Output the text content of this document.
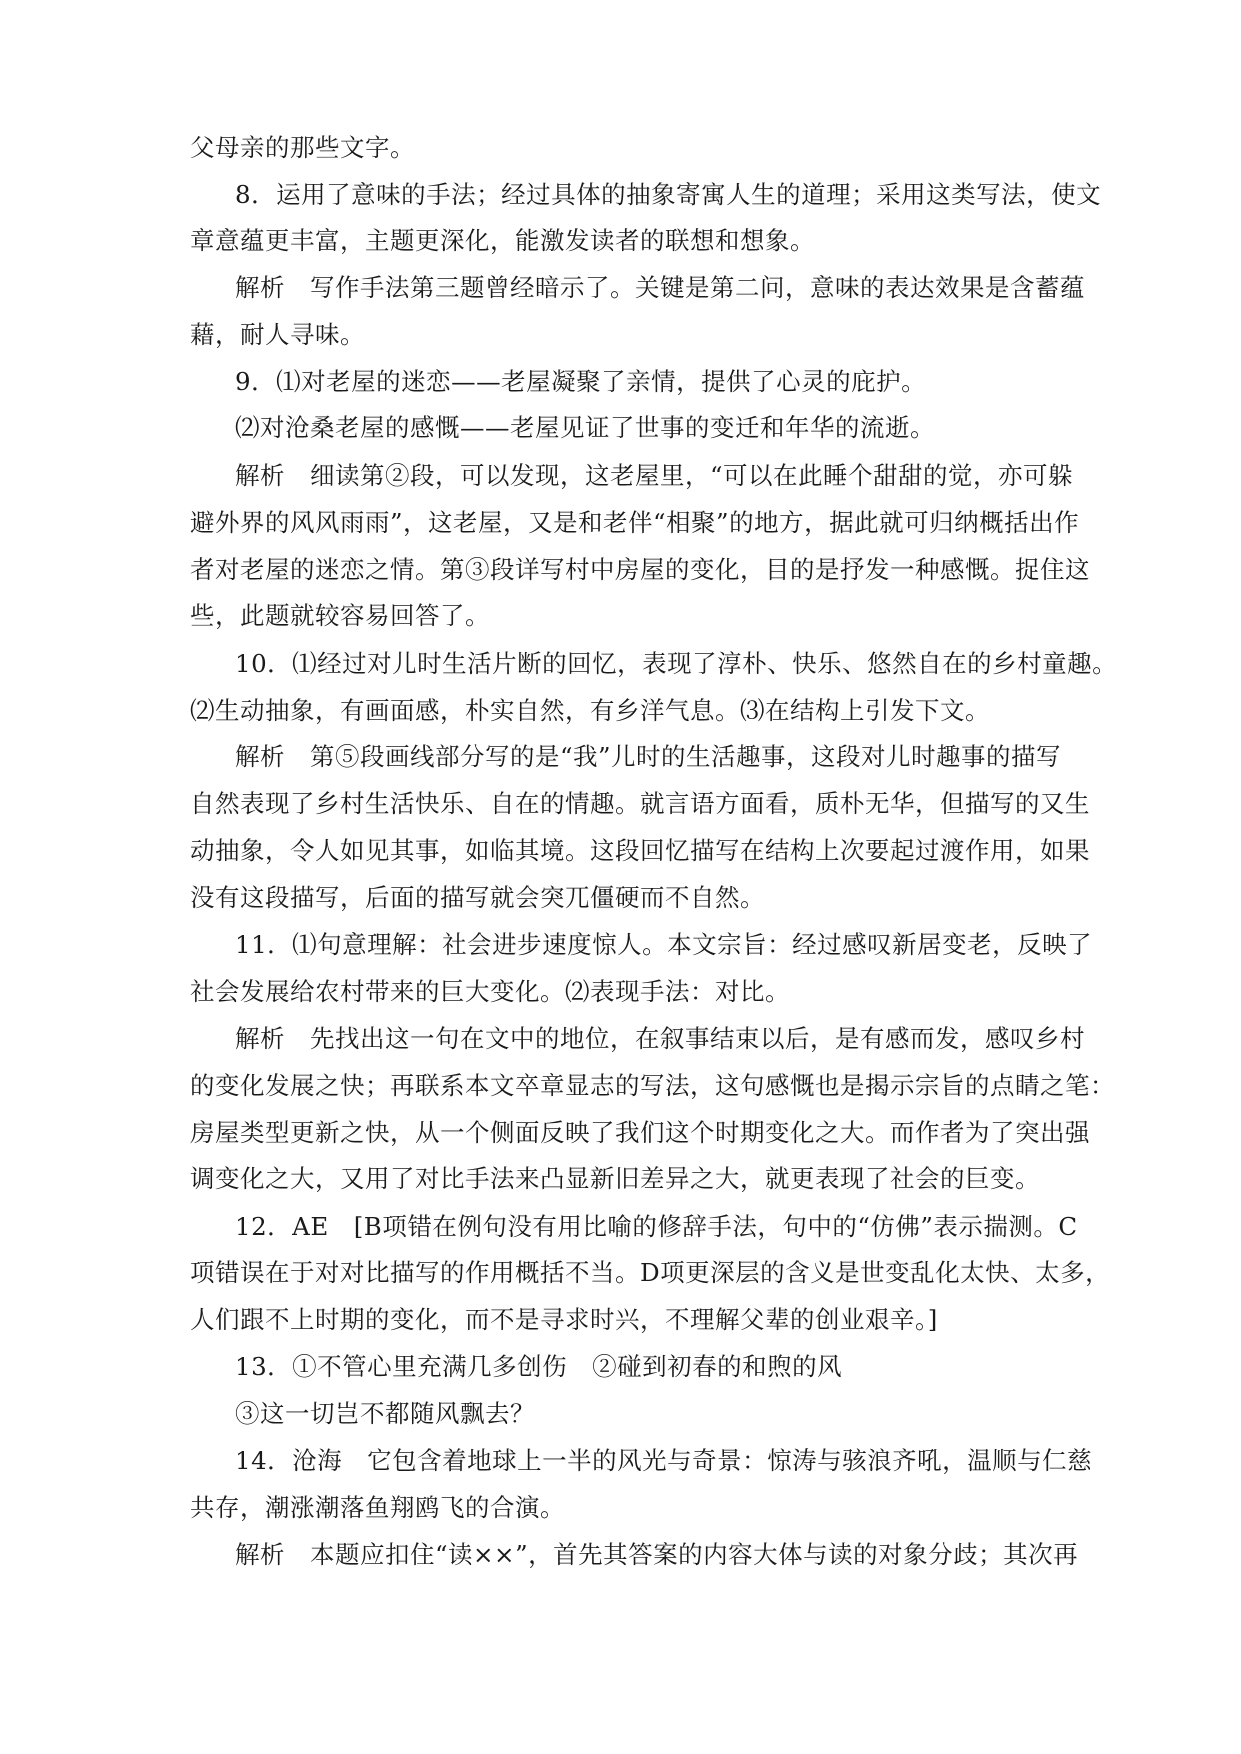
父母亲的那些文字。
8．运用了意味的手法；经过具体的抽象寄寓人生的道理；采用这类写法，使文
章意蕴更丰富，主题更深化，能激发读者的联想和想象。
解析　写作手法第三题曾经暗示了。关键是第二问，意味的表达效果是含蓄蕴
藉，耐人寻味。
9．⑴对老屋的迷恋——老屋凝聚了亲情，提供了心灵的庇护。
⑵对沧桑老屋的感慨——老屋见证了世事的变迁和年华的流逝。
解析　细读第②段，可以发现，这老屋里，“可以在此睡个甜甜的觉，亦可躲
避外界的风风雨雨”，这老屋，又是和老伴“相聚”的地方，据此就可归纳概括出作
者对老屋的迷恋之情。第③段详写村中房屋的变化，目的是抒发一种感慨。捉住这
些，此题就较容易回答了。
10．⑴经过对儿时生活片断的回忆，表现了淳朴、快乐、悠然自在的乡村童趣。
⑵生动抽象，有画面感，朴实自然，有乡洋气息。⑶在结构上引发下文。
解析　第⑤段画线部分写的是“我”儿时的生活趣事，这段对儿时趣事的描写
自然表现了乡村生活快乐、自在的情趣。就言语方面看，质朴无华，但描写的又生
动抽象，令人如见其事，如临其境。这段回忆描写在结构上次要起过渡作用，如果
没有这段描写，后面的描写就会突兀僵硬而不自然。
11．⑴句意理解：社会进步速度惊人。本文宗旨：经过感叹新居变老，反映了
社会发展给农村带来的巨大变化。⑵表现手法：对比。
解析　先找出这一句在文中的地位，在叙事结束以后，是有感而发，感叹乡村
的变化发展之快；再联系本文卒章显志的写法，这句感慨也是揭示宗旨的点睛之笔：
房屋类型更新之快，从一个侧面反映了我们这个时期变化之大。而作者为了突出强
调变化之大，又用了对比手法来凸显新旧差异之大，就更表现了社会的巨变。
12．AE　[B项错在例句没有用比喻的修辞手法，句中的“仿佛”表示揣测。C
项错误在于对对比描写的作用概括不当。D项更深层的含义是世变乱化太快、太多，
人们跟不上时期的变化，而不是寻求时兴，不理解父辈的创业艰辛。]
13．①不管心里充满几多创伤　②碰到初春的和煦的风
③这一切岂不都随风飘去？
14．沧海　它包含着地球上一半的风光与奇景：惊涛与骇浪齐吼，温顺与仁慈
共存，潮涨潮落鱼翔鸥飞的合演。
解析　本题应扣住“读××”，首先其答案的内容大体与读的对象分歧；其次再
